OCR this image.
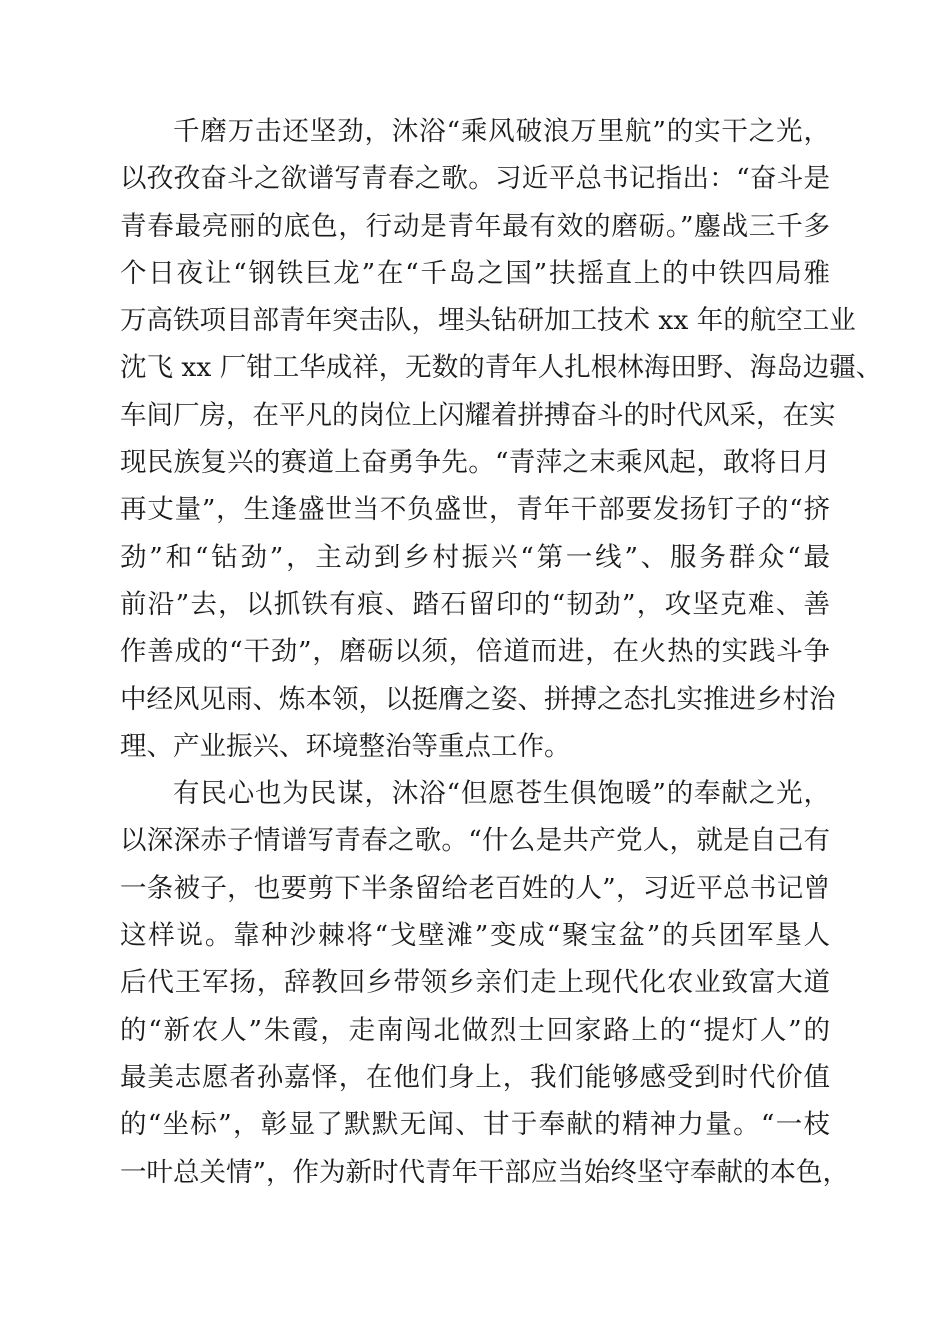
千磨万击还坚劲，沐浴“乘风破浪万里航”的实干之光，
以孜孜奋斗之欲谱写青春之歌。习近平总书记指出：“奋斗是
青春最亮丽的底色，行动是青年最有效的磨砺。”鏖战三千多
个日夜让“钢铁巨龙”在“千岛之国”扶摇直上的中铁四局雅
万高铁项目部青年突击队，埋头钻研加工技术 xx 年的航空工业
沈飞 xx 厂钳工华成祥，无数的青年人扎根林海田野、海岛边疆、
车间厂房，在平凡的岗位上闪耀着拼搏奋斗的时代风采，在实
现民族复兴的赛道上奋勇争先。“青萍之末乘风起，敢将日月
再丈量”，生逢盛世当不负盛世，青年干部要发扬钉子的“挤
劲”和“钻劲”，主动到乡村振兴“第一线”、服务群众“最
前沿”去，以抓铁有痕、踏石留印的“韧劲”，攻坚克难、善
作善成的“干劲”，磨砺以须，倍道而进，在火热的实践斗争
中经风见雨、炼本领，以挺膺之姿、拼搏之态扎实推进乡村治
理、产业振兴、环境整治等重点工作。
有民心也为民谋，沐浴“但愿苍生俱饱暖”的奉献之光，
以深深赤子情谱写青春之歌。“什么是共产党人，就是自己有
一条被子，也要剪下半条留给老百姓的人”，习近平总书记曾
这样说。靠种沙棘将“戈壁滩”变成“聚宝盆”的兵团军垦人
后代王军扬，辞教回乡带领乡亲们走上现代化农业致富大道
的“新农人”朱霞，走南闯北做烈士回家路上的“提灯人”的
最美志愿者孙嘉怿，在他们身上，我们能够感受到时代价值
的“坐标”，彰显了默默无闻、甘于奉献的精神力量。“一枝
一叶总关情”，作为新时代青年干部应当始终坚守奉献的本色，
